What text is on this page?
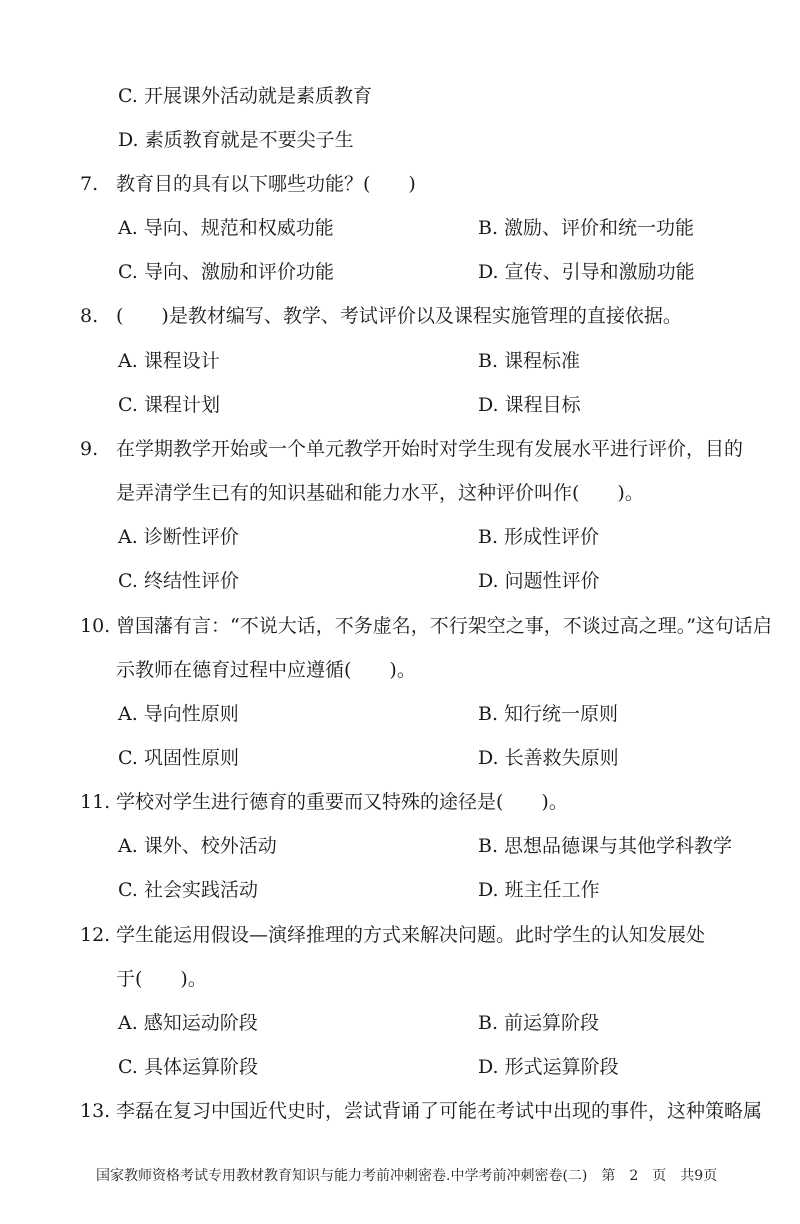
C. 开展课外活动就是素质教育
D. 素质教育就是不要尖子生
7. 教育目的具有以下哪些功能？(　　)
A. 导向、规范和权威功能	B. 激励、评价和统一功能
C. 导向、激励和评价功能	D. 宣传、引导和激励功能
8. (　　)是教材编写、教学、考试评价以及课程实施管理的直接依据。
A. 课程设计	B. 课程标准
C. 课程计划	D. 课程目标
9. 在学期教学开始或一个单元教学开始时对学生现有发展水平进行评价，目的
是弄清学生已有的知识基础和能力水平，这种评价叫作(　　)。
A. 诊断性评价	B. 形成性评价
C. 终结性评价	D. 问题性评价
10. 曾国藩有言：“不说大话，不务虚名，不行架空之事，不谈过高之理。”这句话启
示教师在德育过程中应遵循(　　)。
A. 导向性原则	B. 知行统一原则
C. 巩固性原则	D. 长善救失原则
11. 学校对学生进行德育的重要而又特殊的途径是(　　)。
A. 课外、校外活动	B. 思想品德课与其他学科教学
C. 社会实践活动	D. 班主任工作
12. 学生能运用假设—演绎推理的方式来解决问题。此时学生的认知发展处
于(　　)。
A. 感知运动阶段	B. 前运算阶段
C. 具体运算阶段	D. 形式运算阶段
13. 李磊在复习中国近代史时，尝试背诵了可能在考试中出现的事件，这种策略属
国家教师资格考试专用教材教育知识与能力考前冲刺密卷.中学考前冲刺密卷(二) 第　2　页 共9页
